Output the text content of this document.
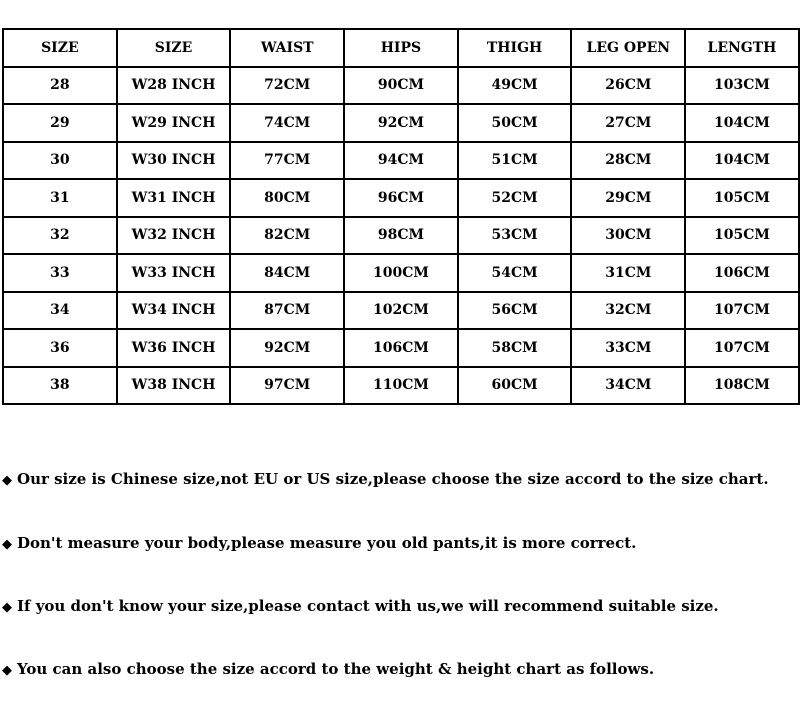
SIZE	SIZE	WAIST	HIPS	THIGH	LEG OPEN	LENGTH
28	W28 INCH	72CM	90CM	49CM	26CM	103CM
29	W29 INCH	74CM	92CM	50CM	27CM	104CM
30	W30 INCH	77CM	94CM	51CM	28CM	104CM
31	W31 INCH	80CM	96CM	52CM	29CM	105CM
32	W32 INCH	82CM	98CM	53CM	30CM	105CM
33	W33 INCH	84CM	100CM	54CM	31CM	106CM
34	W34 INCH	87CM	102CM	56CM	32CM	107CM
36	W36 INCH	92CM	106CM	58CM	33CM	107CM
38	W38 INCH	97CM	110CM	60CM	34CM	108CM
◆ Our size is Chinese size,not EU or US size,please choose the size accord to the size chart.
◆ Don't measure your body,please measure you old pants,it is more correct.
◆ If you don't know your size,please contact with us,we will recommend suitable size.
◆ You can also choose the size accord to the weight & height chart as follows.
